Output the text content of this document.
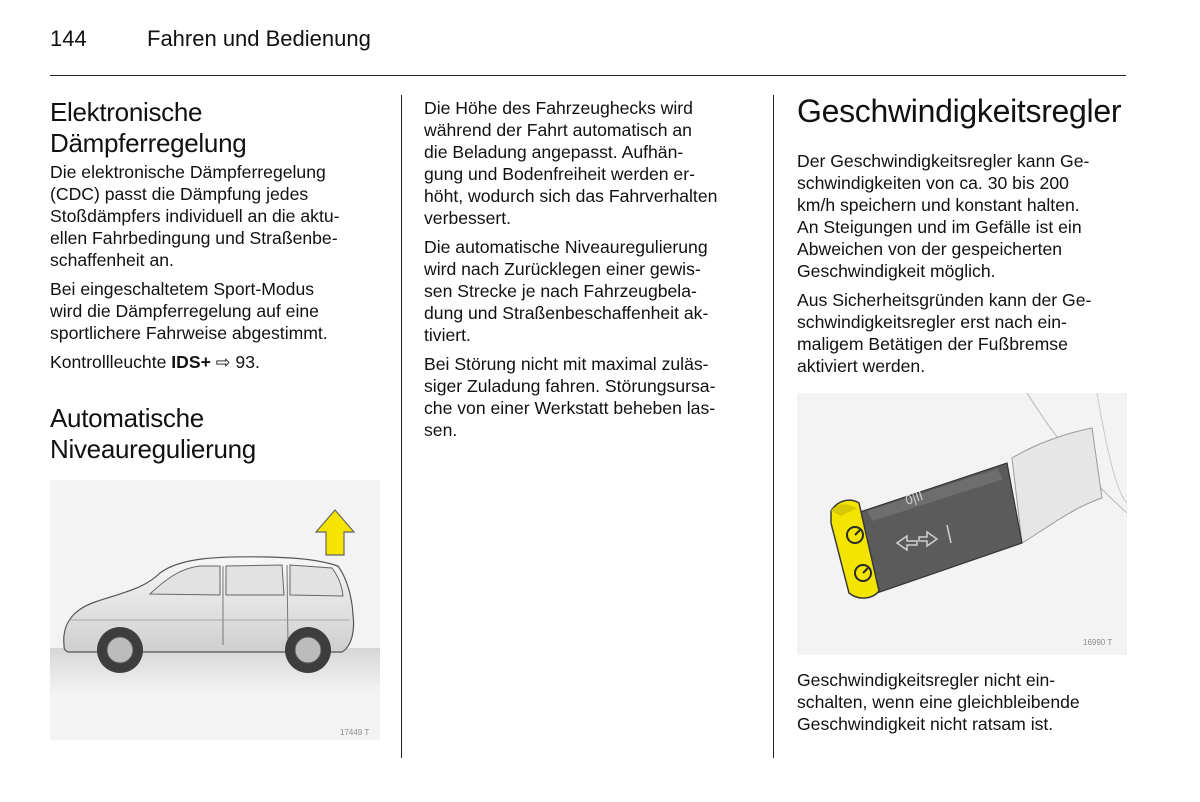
144	Fahren und Bedienung
Elektronische
Dämpferregelung

Die elektronische Dämpferregelung
(CDC) passt die Dämpfung jedes
Stoßdämpfers individuell an die aktu-
ellen Fahrbedingung und Straßenbe-
schaffenheit an.

Bei eingeschaltetem Sport-Modus
wird die Dämpferregelung auf eine
sportlichere Fahrweise abgestimmt.

Kontrollleuchte IDS+ ⇨ 93.

Automatische
Niveauregulierung
17449 T

Die Höhe des Fahrzeughecks wird
während der Fahrt automatisch an
die Beladung angepasst. Aufhän-
gung und Bodenfreiheit werden er-
höht, wodurch sich das Fahrverhalten
verbessert.

Die automatische Niveauregulierung
wird nach Zurücklegen einer gewis-
sen Strecke je nach Fahrzeugbela-
dung und Straßenbeschaffenheit ak-
tiviert.

Bei Störung nicht mit maximal zuläs-
siger Zuladung fahren. Störungsursa-
che von einer Werkstatt beheben las-
sen.

Geschwindigkeitsregler

Der Geschwindigkeitsregler kann Ge-
schwindigkeiten von ca. 30 bis 200
km/h speichern und konstant halten.
An Steigungen und im Gefälle ist ein
Abweichen von der gespeicherten
Geschwindigkeit möglich.

Aus Sicherheitsgründen kann der Ge-
schwindigkeitsregler erst nach ein-
maligem Betätigen der Fußbremse
aktiviert werden.

0|II
16990 T

Geschwindigkeitsregler nicht ein-
schalten, wenn eine gleichbleibende
Geschwindigkeit nicht ratsam ist.
